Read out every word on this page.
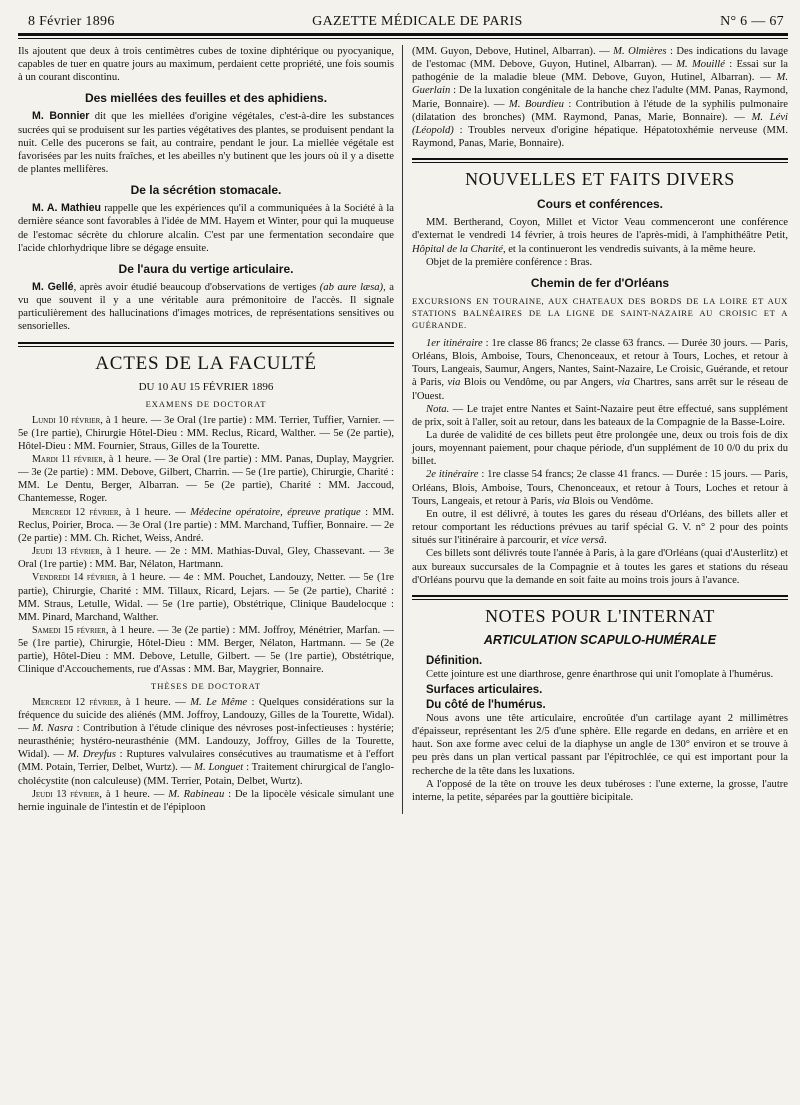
8 Février 1896	GAZETTE MÉDICALE DE PARIS	N° 6 — 67

Ils ajoutent que deux à trois centimètres cubes de toxine diphtérique ou pyocyanique, capables de tuer en quatre jours au maximum, perdaient cette propriété, une fois soumis à un courant discontinu.

Des miellées des feuilles et des aphidiens.

M. Bonnier dit que les miellées d'origine végétales, c'est-à-dire les substances sucrées qui se produisent sur les parties végétatives des plantes, se produisent pendant la nuit. Celle des pucerons se fait, au contraire, pendant le jour. La miellée végétale est favorisées par les nuits fraîches, et les abeilles n'y butinent que les jours où il y a disette de plantes mellifères.

De la sécrétion stomacale.

M. A. Mathieu rappelle que les expériences qu'il a communiquées à la Société à la dernière séance sont favorables à l'idée de MM. Hayem et Winter, pour qui la muqueuse de l'estomac sécrète du chlorure alcalin. C'est par une fermentation secondaire que l'acide chlorhydrique libre se dégage ensuite.

De l'aura du vertige articulaire.

M. Gellé, après avoir étudié beaucoup d'observations de vertiges (ab aure læsa), a vu que souvent il y a une véritable aura prémonitoire de l'accès. Il signale particulièrement des hallucinations d'images motrices, de représentations sensitives ou sensorielles.

ACTES DE LA FACULTÉ
DU 10 AU 15 FÉVRIER 1896
EXAMENS DE DOCTORAT

Lundi 10 février, à 1 heure. — 3e Oral (1re partie) : MM. Terrier, Tuffier, Varnier. — 5e (1re partie), Chirurgie Hôtel-Dieu : MM. Reclus, Ricard, Walther. — 5e (2e partie), Hôtel-Dieu : MM. Fournier, Straus, Gilles de la Tourette.

Mardi 11 février, à 1 heure. — 3e Oral (1re partie) : MM. Panas, Duplay, Maygrier. — 3e (2e partie) : MM. Debove, Gilbert, Charrin. — 5e (1re partie), Chirurgie, Charité : MM. Le Dentu, Berger, Albarran. — 5e (2e partie), Charité : MM. Jaccoud, Chantemesse, Roger.

Mercredi 12 février, à 1 heure. — Médecine opératoire, épreuve pratique : MM. Reclus, Poirier, Broca. — 3e Oral (1re partie) : MM. Marchand, Tuffier, Bonnaire. — 2e (2e partie) : MM. Ch. Richet, Weiss, André.

Jeudi 13 février, à 1 heure. — 2e : MM. Mathias-Duval, Gley, Chassevant. — 3e Oral (1re partie) : MM. Bar, Nélaton, Hartmann.

Vendredi 14 février, à 1 heure. — 4e : MM. Pouchet, Landouzy, Netter. — 5e (1re partie), Chirurgie, Charité : MM. Tillaux, Ricard, Lejars. — 5e (2e partie), Charité : MM. Straus, Letulle, Widal. — 5e (1re partie), Obstétrique, Clinique Baudelocque : MM. Pinard, Marchand, Walther.

Samedi 15 février, à 1 heure. — 3e (2e partie) : MM. Joffroy, Ménétrier, Marfan. — 5e (1re partie), Chirurgie, Hôtel-Dieu : MM. Berger, Nélaton, Hartmann. — 5e (2e partie), Hôtel-Dieu : MM. Debove, Letulle, Gilbert. — 5e (1re partie), Obstétrique, Clinique d'Accouchements, rue d'Assas : MM. Bar, Maygrier, Bonnaire.

THÈSES DE DOCTORAT

Mercredi 12 février, à 1 heure. — M. Le Même : Quelques considérations sur la fréquence du suicide des aliénés (MM. Joffroy, Landouzy, Gilles de la Tourette, Widal). — M. Nasra : Contribution à l'étude clinique des névroses post-infectieuses : hystérie; neurasthénie; hystéro-neurasthénie (MM. Landouzy, Joffroy, Gilles de la Tourette, Widal). — M. Dreyfus : Ruptures valvulaires consécutives au traumatisme et à l'effort (MM. Potain, Terrier, Delbet, Wurtz). — M. Longuet : Traitement chirurgical de l'anglo-cholécystite (non calculeuse) (MM. Terrier, Potain, Delbet, Wurtz).

Jeudi 13 février, à 1 heure. — M. Rabineau : De la lipocèle vésicale simulant une hernie inguinale de l'intestin et de l'épiploon

(MM. Guyon, Debove, Hutinel, Albarran). — M. Olmières : Des indications du lavage de l'estomac (MM. Debove, Guyon, Hutinel, Albarran). — M. Mouillé : Essai sur la pathogénie de la maladie bleue (MM. Debove, Guyon, Hutinel, Albarran). — M. Guerlain : De la luxation congénitale de la hanche chez l'adulte (MM. Panas, Raymond, Marie, Bonnaire). — M. Bourdieu : Contribution à l'étude de la syphilis pulmonaire (dilatation des bronches) (MM. Raymond, Panas, Marie, Bonnaire). — M. Lévi (Léopold) : Troubles nerveux d'origine hépatique. Hépatotoxhémie nerveuse (MM. Raymond, Panas, Marie, Bonnaire).

NOUVELLES ET FAITS DIVERS
Cours et conférences.

MM. Bertherand, Coyon, Millet et Victor Veau commenceront une conférence d'externat le vendredi 14 février, à trois heures de l'après-midi, à l'amphithéâtre Petit, Hôpital de la Charité, et la continueront les vendredis suivants, à la même heure.

Objet de la première conférence : Bras.

Chemin de fer d'Orléans
EXCURSIONS EN TOURAINE, AUX CHATEAUX DES BORDS DE LA LOIRE ET AUX STATIONS BALNÉAIRES DE LA LIGNE DE SAINT-NAZAIRE AU CROISIC ET A GUÉRANDE.

1er itinéraire : 1re classe 86 francs; 2e classe 63 francs. — Durée 30 jours. — Paris, Orléans, Blois, Amboise, Tours, Chenonceaux, et retour à Tours, Loches, et retour à Tours, Langeais, Saumur, Angers, Nantes, Saint-Nazaire, Le Croisic, Guérande, et retour à Paris, via Blois ou Vendôme, ou par Angers, via Chartres, sans arrêt sur le réseau de l'Ouest.

Nota. — Le trajet entre Nantes et Saint-Nazaire peut être effectué, sans supplément de prix, soit à l'aller, soit au retour, dans les bateaux de la Compagnie de la Basse-Loire.

La durée de validité de ces billets peut être prolongée une, deux ou trois fois de dix jours, moyennant paiement, pour chaque période, d'un supplément de 10 0/0 du prix du billet.

2e itinéraire : 1re classe 54 francs; 2e classe 41 francs. — Durée : 15 jours. — Paris, Orléans, Blois, Amboise, Tours, Chenonceaux, et retour à Tours, Loches et retour à Tours, Langeais, et retour à Paris, via Blois ou Vendôme.

En outre, il est délivré, à toutes les gares du réseau d'Orléans, des billets aller et retour comportant les réductions prévues au tarif spécial G. V. n° 2 pour des points situés sur l'itinéraire à parcourir, et vice versâ.

Ces billets sont délivrés toute l'année à Paris, à la gare d'Orléans (quai d'Austerlitz) et aux bureaux succursales de la Compagnie et à toutes les gares et stations du réseau d'Orléans pourvu que la demande en soit faite au moins trois jours à l'avance.

NOTES POUR L'INTERNAT
ARTICULATION SCAPULO-HUMÉRALE
Définition.

Cette jointure est une diarthrose, genre énarthrose qui unit l'omoplate à l'humérus.

Surfaces articulaires.
Du côté de l'humérus.

Nous avons une tête articulaire, encroûtée d'un cartilage ayant 2 millimètres d'épaisseur, représentant les 2/5 d'une sphère. Elle regarde en dedans, en arrière et en haut. Son axe forme avec celui de la diaphyse un angle de 130° environ et se trouve à peu près dans un plan vertical passant par l'épitrochlée, ce qui est important pour la recherche de la tête dans les luxations.

A l'opposé de la tête on trouve les deux tubéroses : l'une externe, la grosse, l'autre interne, la petite, séparées par la gouttière bicipitale.
